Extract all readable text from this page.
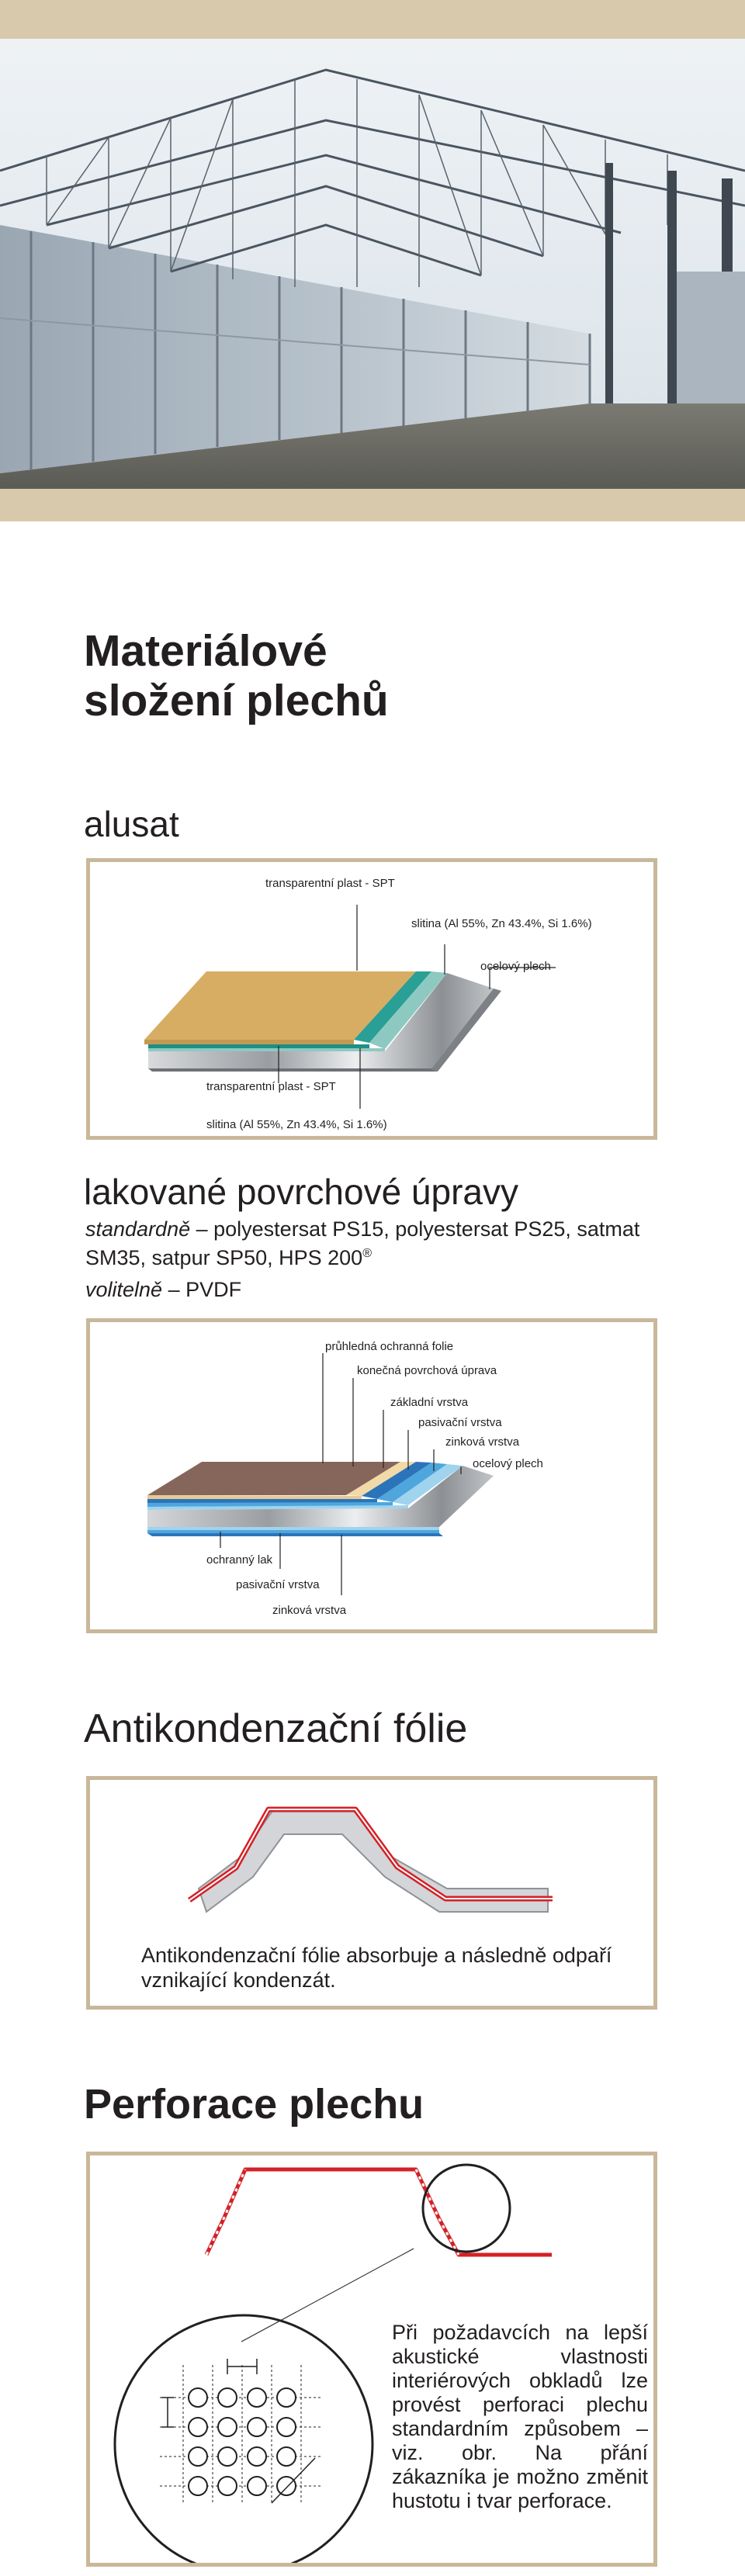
Materiálové
složení plechů
alusat
transparentní plast - SPT
slitina (Al 55%, Zn 43.4%, Si 1.6%)
ocelový plech
transparentní plast - SPT
slitina (Al 55%, Zn 43.4%, Si 1.6%)
lakované povrchové úpravy
standardně – polyestersat PS15, polyestersat PS25, satmat SM35, satpur SP50, HPS 200®
volitelně – PVDF
průhledná ochranná folie
konečná povrchová úprava
základní vrstva
pasivační vrstva
zinková vrstva
ocelový plech
ochranný lak
pasivační vrstva
zinková vrstva
Antikondenzační fólie
Antikondenzační fólie absorbuje a následně odpaří vznikající kondenzát.
Perforace plechu
Při požadavcích na lepší akustické vlastnosti interiérových obkladů lze provést perforaci plechu standardním způsobem – viz. obr. Na přání zákazníka je možno změnit hustotu i tvar perforace.
